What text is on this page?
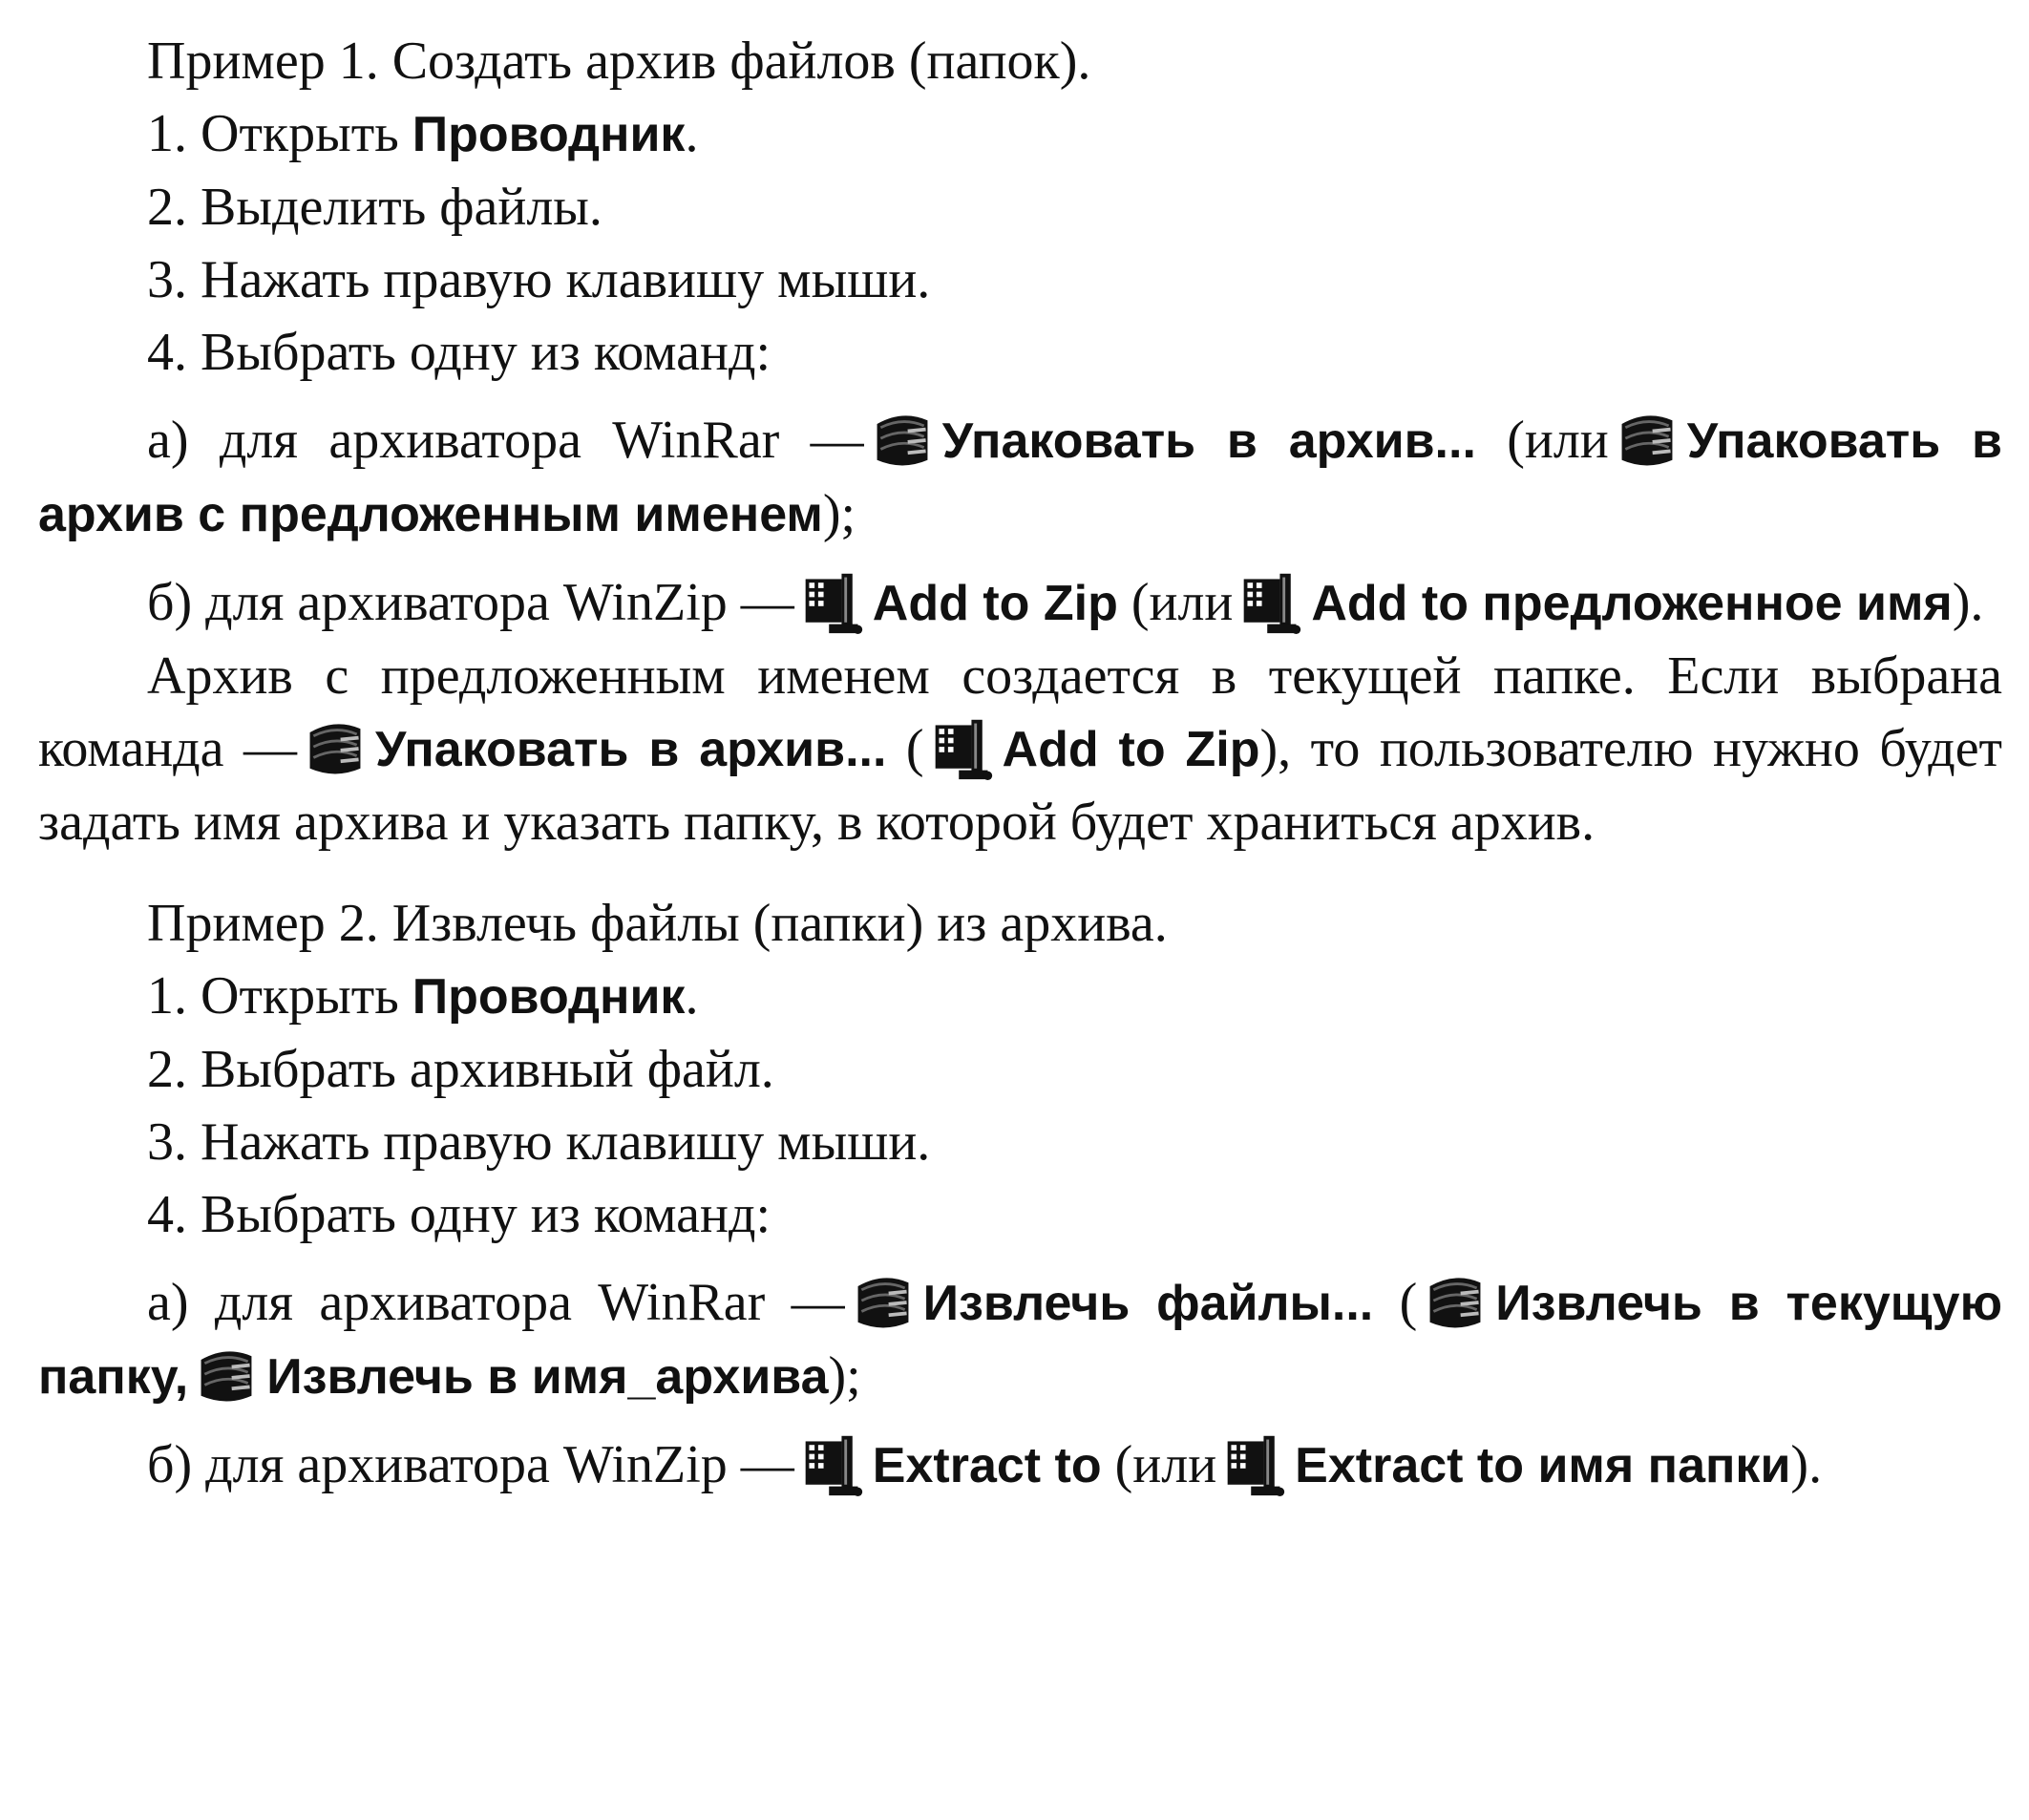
Пример 1. Создать архив файлов (папок).

1. Открыть Проводник.

2. Выделить файлы.

3. Нажать правую клавишу мыши.

4. Выбрать одну из команд:

а) для архиватора WinRar — Упаковать в архив... (или Упаковать в архив с предложенным именем);

б) для архиватора WinZip — Add to Zip (или Add to предложенное имя).

Архив с предложенным именем создается в текущей папке. Если выбрана команда — Упаковать в архив... ( Add to Zip), то пользователю нужно будет задать имя архива и указать папку, в которой будет храниться архив.

Пример 2. Извлечь файлы (папки) из архива.

1. Открыть Проводник.

2. Выбрать архивный файл.

3. Нажать правую клавишу мыши.

4. Выбрать одну из команд:

а) для архиватора WinRar — Извлечь файлы... ( Извлечь в текущую папку, Извлечь в имя_архива);

б) для архиватора WinZip — Extract to (или Extract to имя папки).
